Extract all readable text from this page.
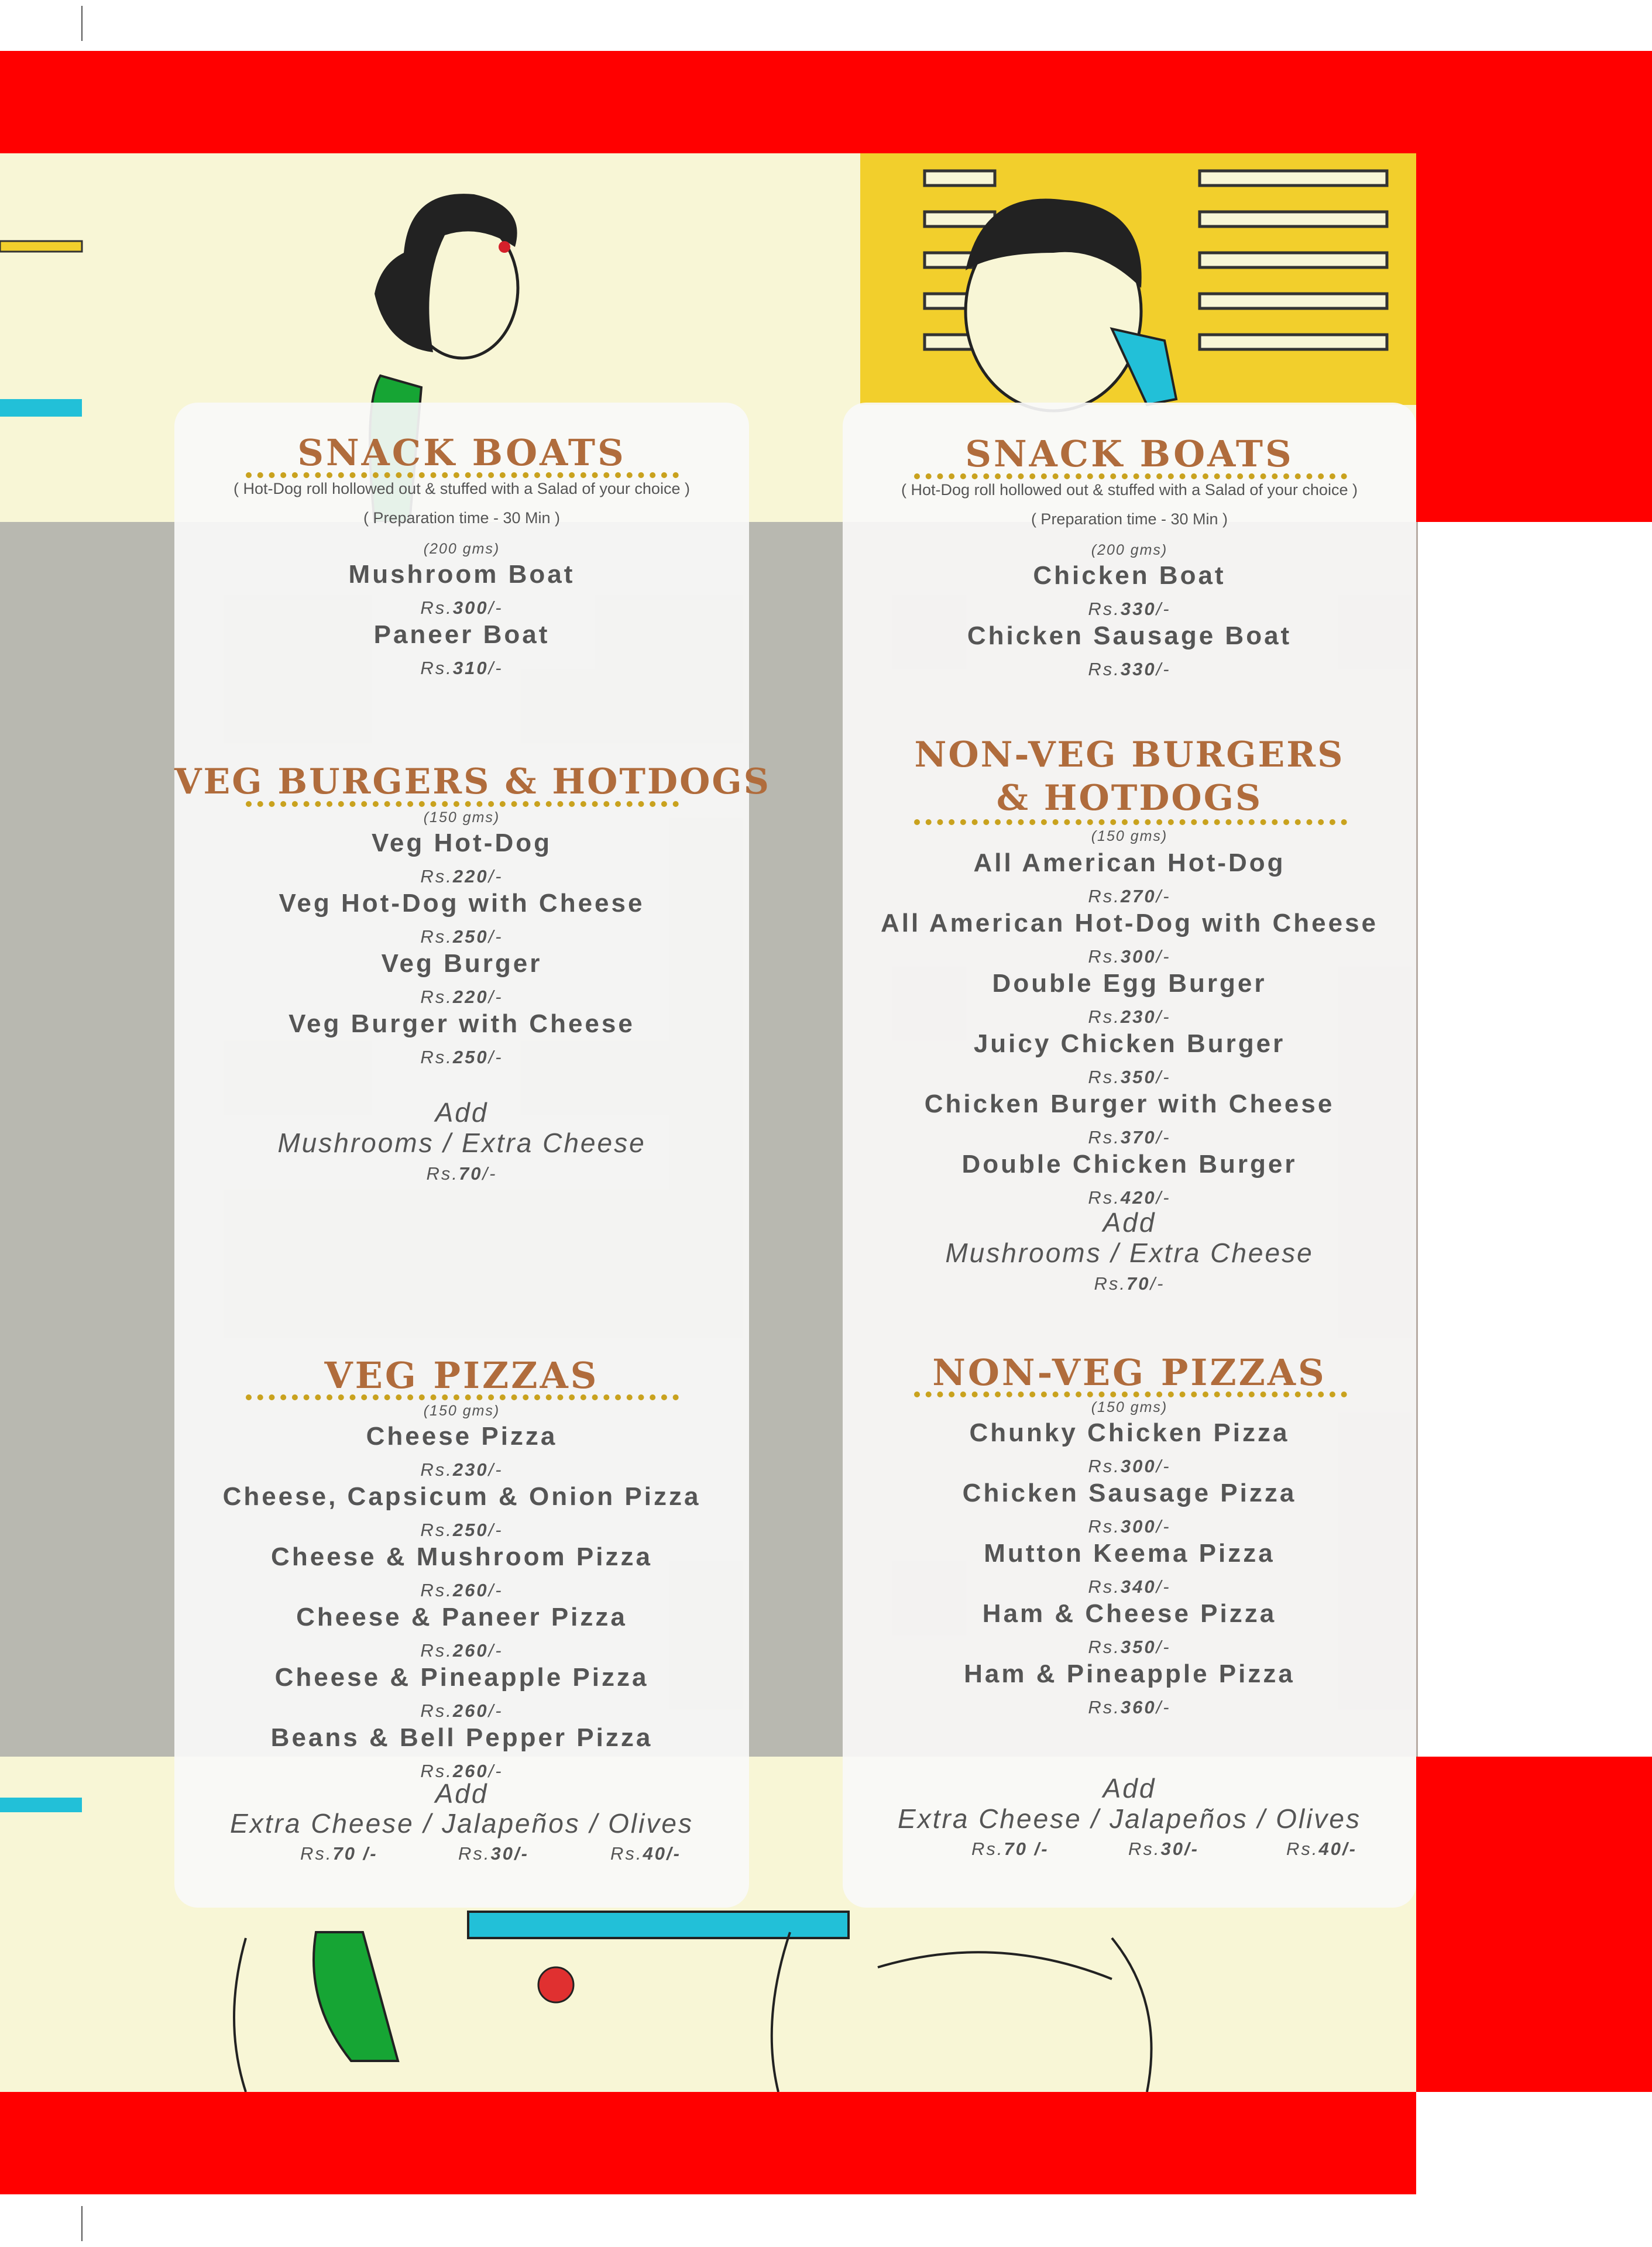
SNACK BOATS
( Hot-Dog roll hollowed out & stuffed with a Salad of your choice )
( Preparation time - 30 Min )
(200 gms)
Mushroom Boat
Rs.300/-
Paneer Boat
Rs.310/-
VEG BURGERS & HOTDOGS
(150 gms)
Veg Hot-Dog
Rs.220/-
Veg Hot-Dog with Cheese
Rs.250/-
Veg Burger
Rs.220/-
Veg Burger with Cheese
Rs.250/-
Add
Mushrooms / Extra Cheese
Rs.70/-
VEG PIZZAS
(150 gms)
Cheese Pizza
Rs.230/-
Cheese, Capsicum & Onion Pizza
Rs.250/-
Cheese & Mushroom Pizza
Rs.260/-
Cheese & Paneer Pizza
Rs.260/-
Cheese & Pineapple Pizza
Rs.260/-
Beans & Bell Pepper Pizza
Rs.260/-
Add
Extra Cheese / Jalapeños / Olives
Rs.70 /-	Rs.30/-	Rs.40/-
SNACK BOATS
( Hot-Dog roll hollowed out & stuffed with a Salad of your choice )
( Preparation time - 30 Min )
(200 gms)
Chicken Boat
Rs.330/-
Chicken Sausage Boat
Rs.330/-
NON-VEG BURGERS
& HOTDOGS
(150 gms)
All American Hot-Dog
Rs.270/-
All American Hot-Dog with Cheese
Rs.300/-
Double Egg Burger
Rs.230/-
Juicy Chicken Burger
Rs.350/-
Chicken Burger with Cheese
Rs.370/-
Double Chicken Burger
Rs.420/-
Add
Mushrooms / Extra Cheese
Rs.70/-
NON-VEG PIZZAS
(150 gms)
Chunky Chicken Pizza
Rs.300/-
Chicken Sausage Pizza
Rs.300/-
Mutton Keema Pizza
Rs.340/-
Ham & Cheese Pizza
Rs.350/-
Ham & Pineapple Pizza
Rs.360/-
Add
Extra Cheese / Jalapeños / Olives
Rs.70 /-	Rs.30/-	Rs.40/-
